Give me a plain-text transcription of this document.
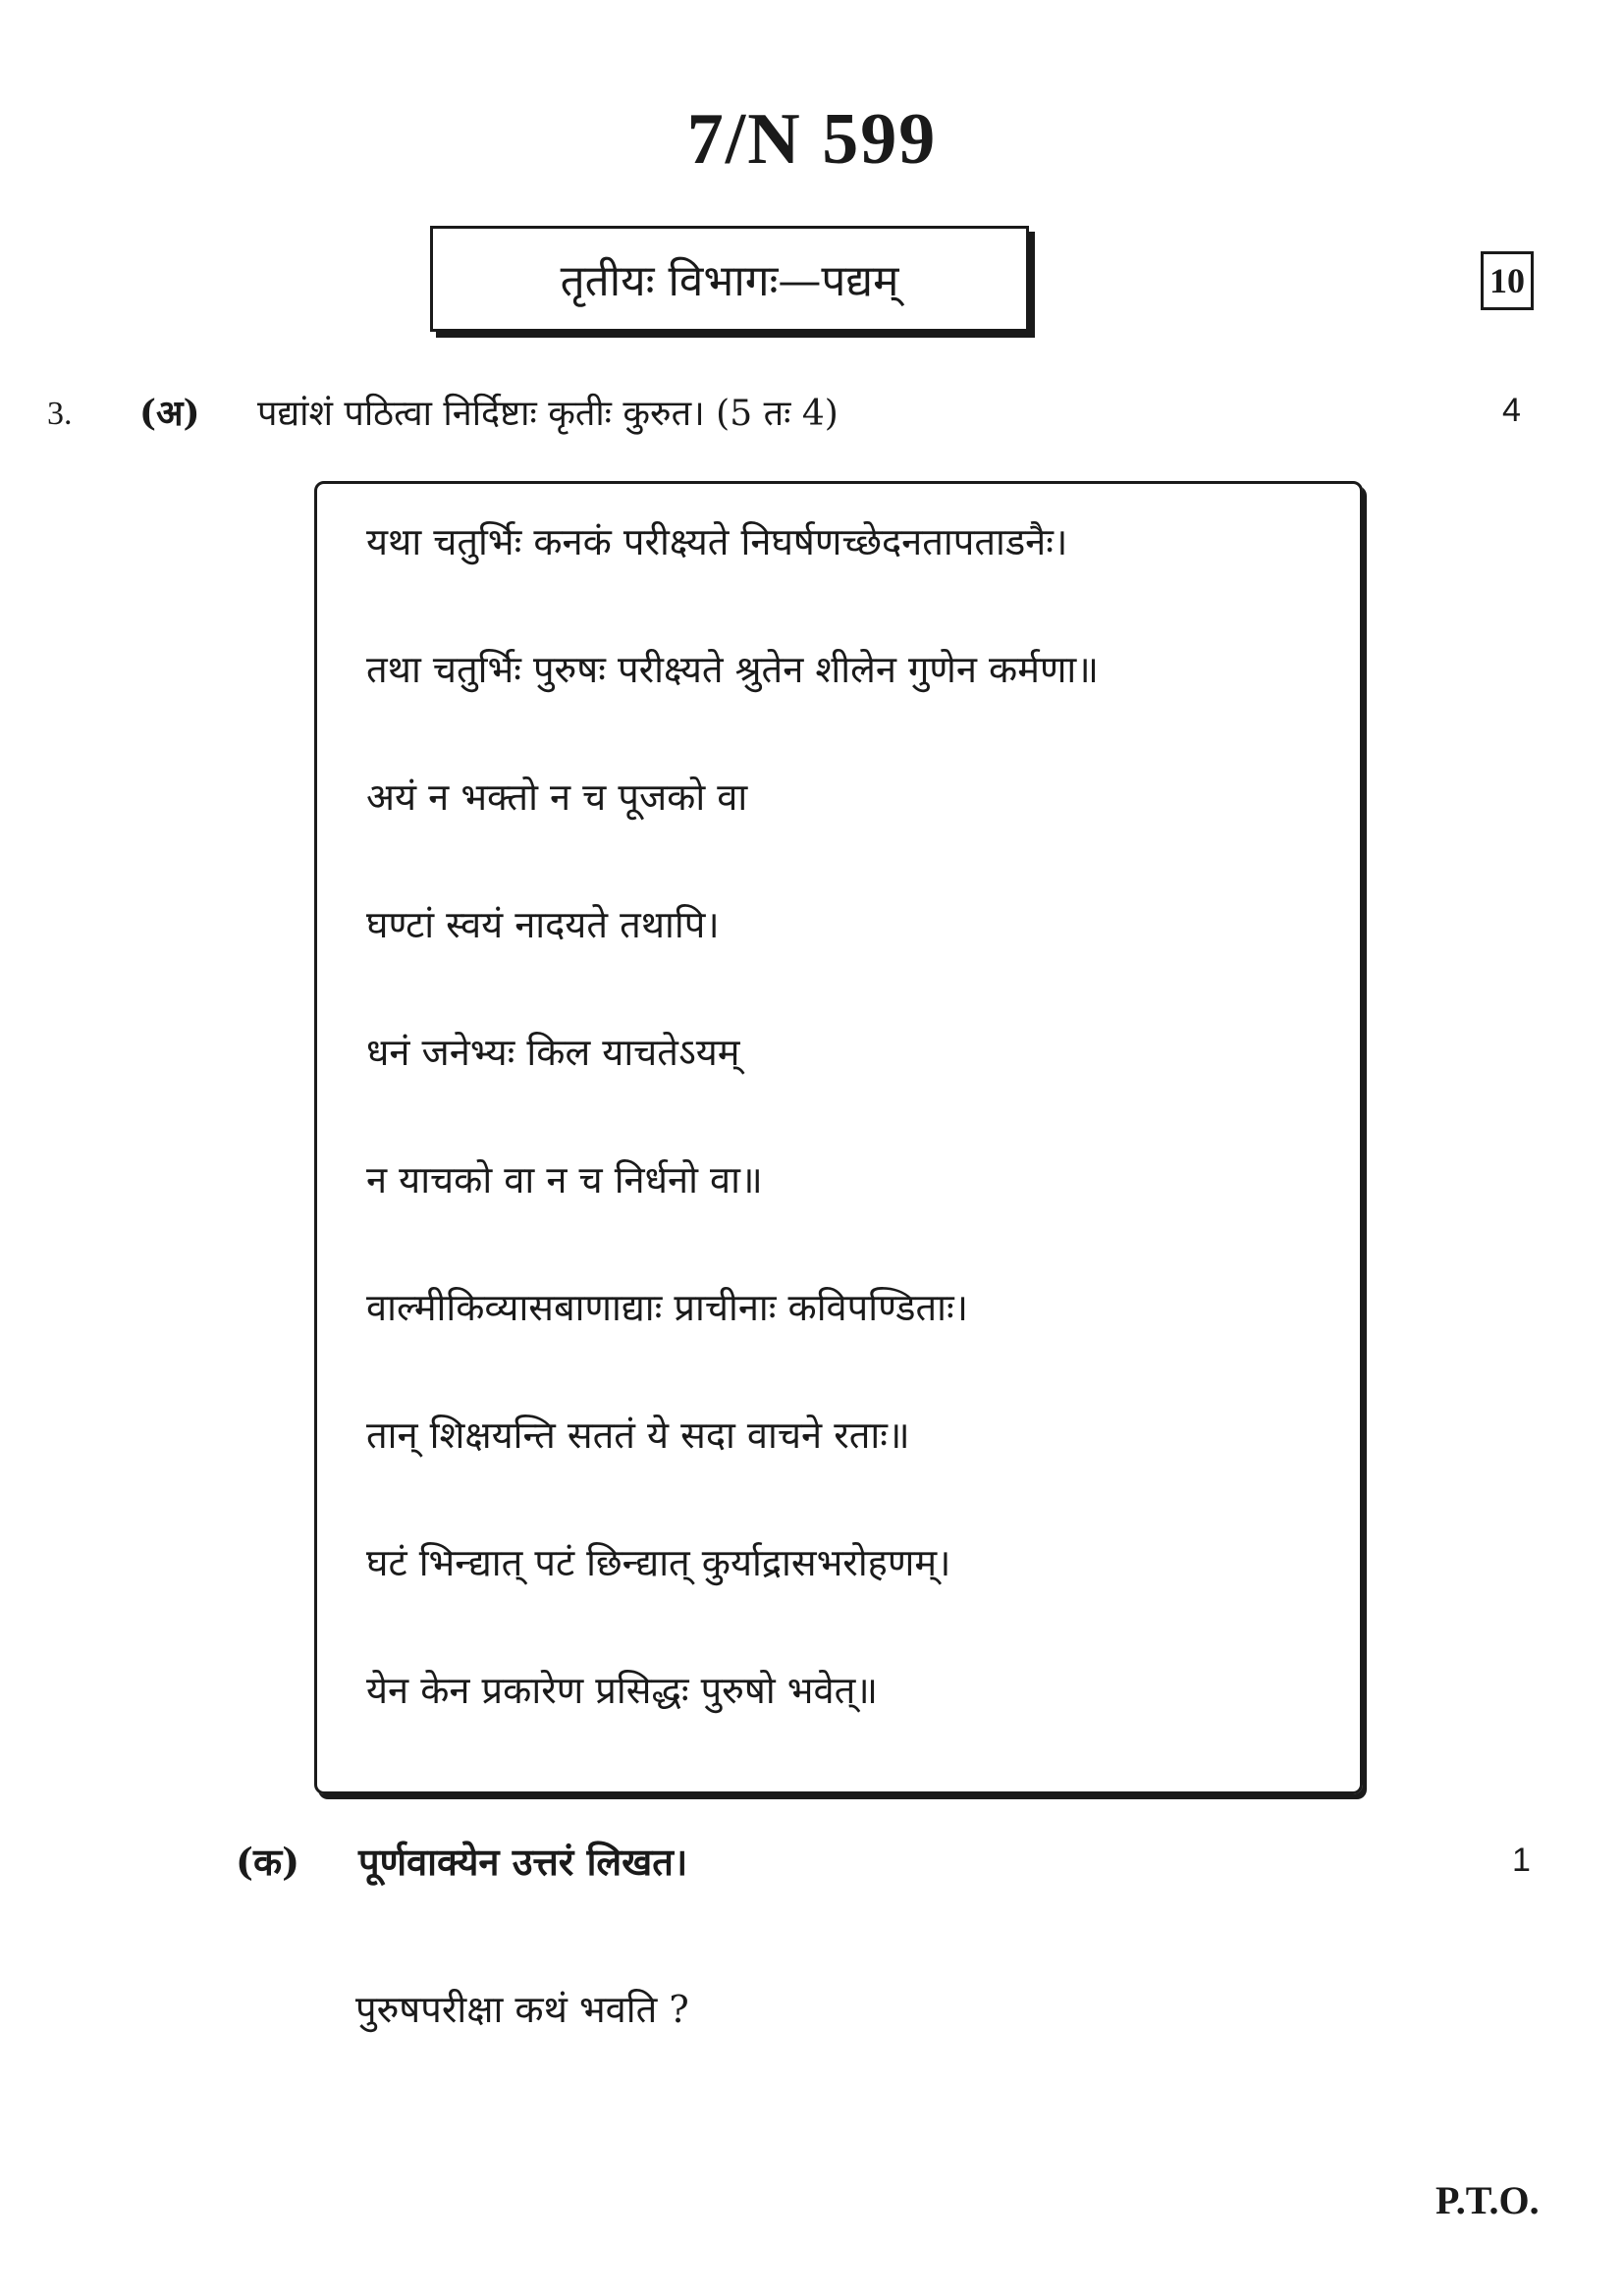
7/N 599
तृतीयः विभागः—पद्यम्	10
3. (अ) पद्यांशं पठित्वा निर्दिष्टाः कृतीः कुरुत। (5 तः 4)	4
यथा चतुर्भिः कनकं परीक्ष्यते निघर्षणच्छेदनतापताडनैः।
तथा चतुर्भिः पुरुषः परीक्ष्यते श्रुतेन शीलेन गुणेन कर्मणा॥
अयं न भक्तो न च पूजको वा
घण्टां स्वयं नादयते तथापि।
धनं जनेभ्यः किल याचतेऽयम्
न याचको वा न च निर्धनो वा॥
वाल्मीकिव्यासबाणाद्याः प्राचीनाः कविपण्डिताः।
तान् शिक्षयन्ति सततं ये सदा वाचने रताः॥
घटं भिन्द्यात् पटं छिन्द्यात् कुर्याद्रासभरोहणम्।
येन केन प्रकारेण प्रसिद्धः पुरुषो भवेत्॥
(क) पूर्णवाक्येन उत्तरं लिखत।	1
पुरुषपरीक्षा कथं भवति ?
P.T.O.
